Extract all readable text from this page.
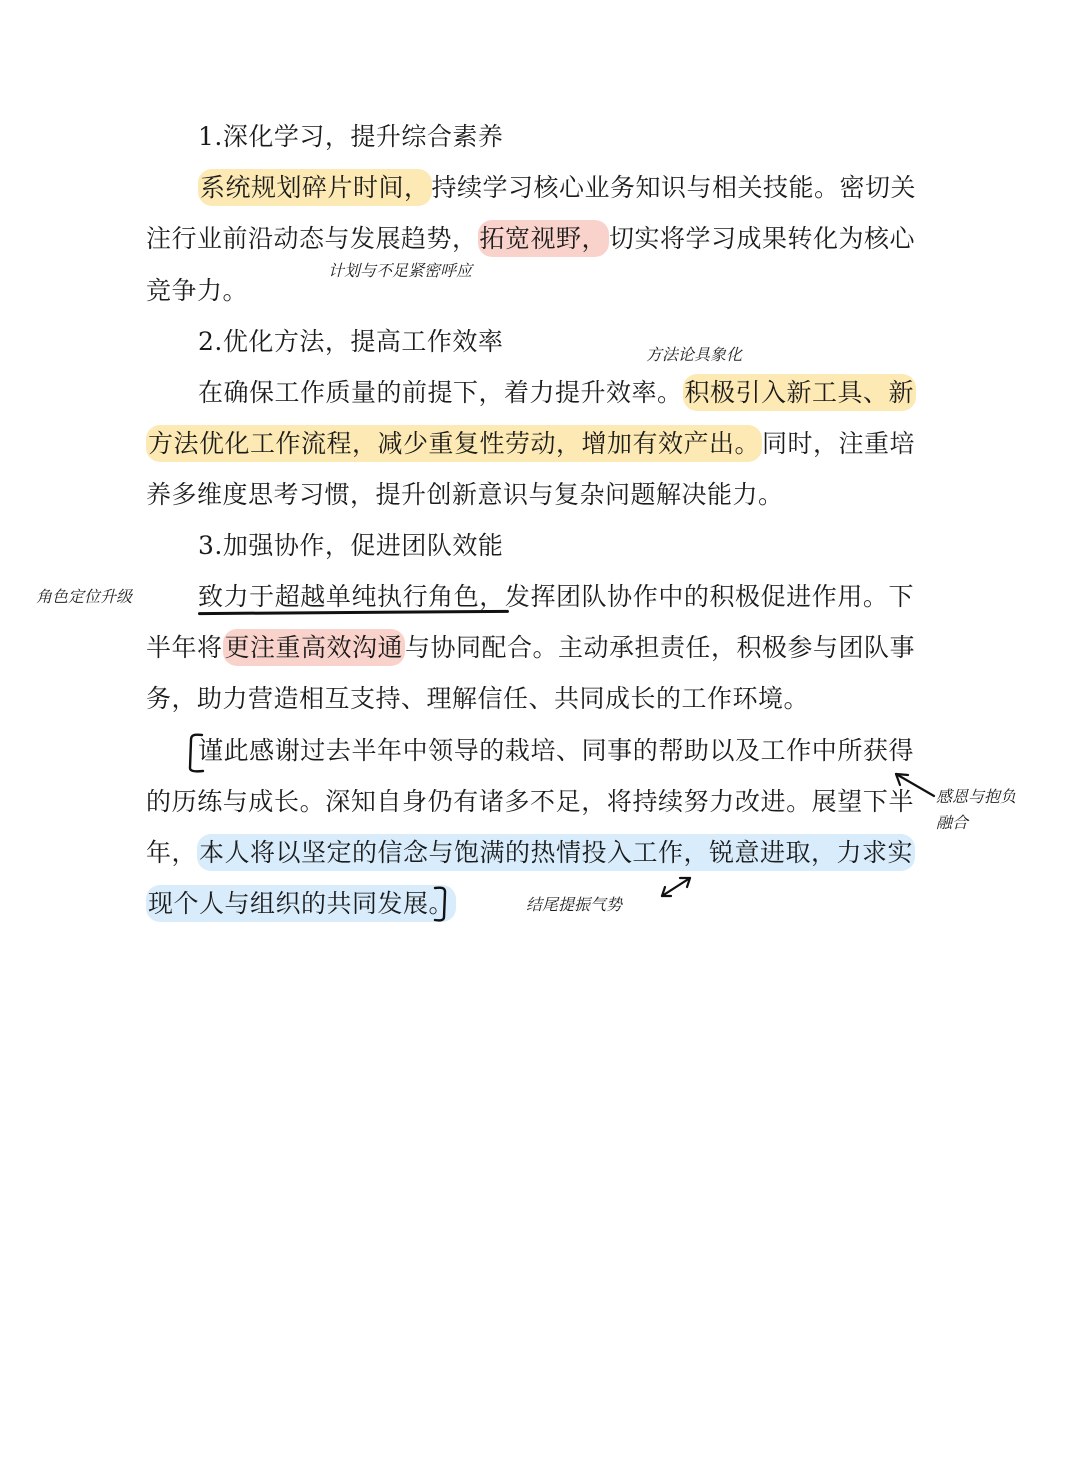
1.深化学习，提升综合素养
系统规划碎片时间，持续学习核心业务知识与相关技能。密切关
注行业前沿动态与发展趋势，拓宽视野，切实将学习成果转化为核心
竞争力。
2.优化方法，提高工作效率
在确保工作质量的前提下，着力提升效率。积极引入新工具、新
方法优化工作流程，减少重复性劳动，增加有效产出。同时，注重培
养多维度思考习惯，提升创新意识与复杂问题解决能力。
3.加强协作，促进团队效能
致力于超越单纯执行角色，发挥团队协作中的积极促进作用。下
半年将更注重高效沟通与协同配合。主动承担责任，积极参与团队事
务，助力营造相互支持、理解信任、共同成长的工作环境。
谨此感谢过去半年中领导的栽培、同事的帮助以及工作中所获得
的历练与成长。深知自身仍有诸多不足，将持续努力改进。展望下半
年，本人将以坚定的信念与饱满的热情投入工作，锐意进取，力求实
现个人与组织的共同发展。
计划与不足紧密呼应
方法论具象化
角色定位升级
感恩与抱负
融合
结尾提振气势
